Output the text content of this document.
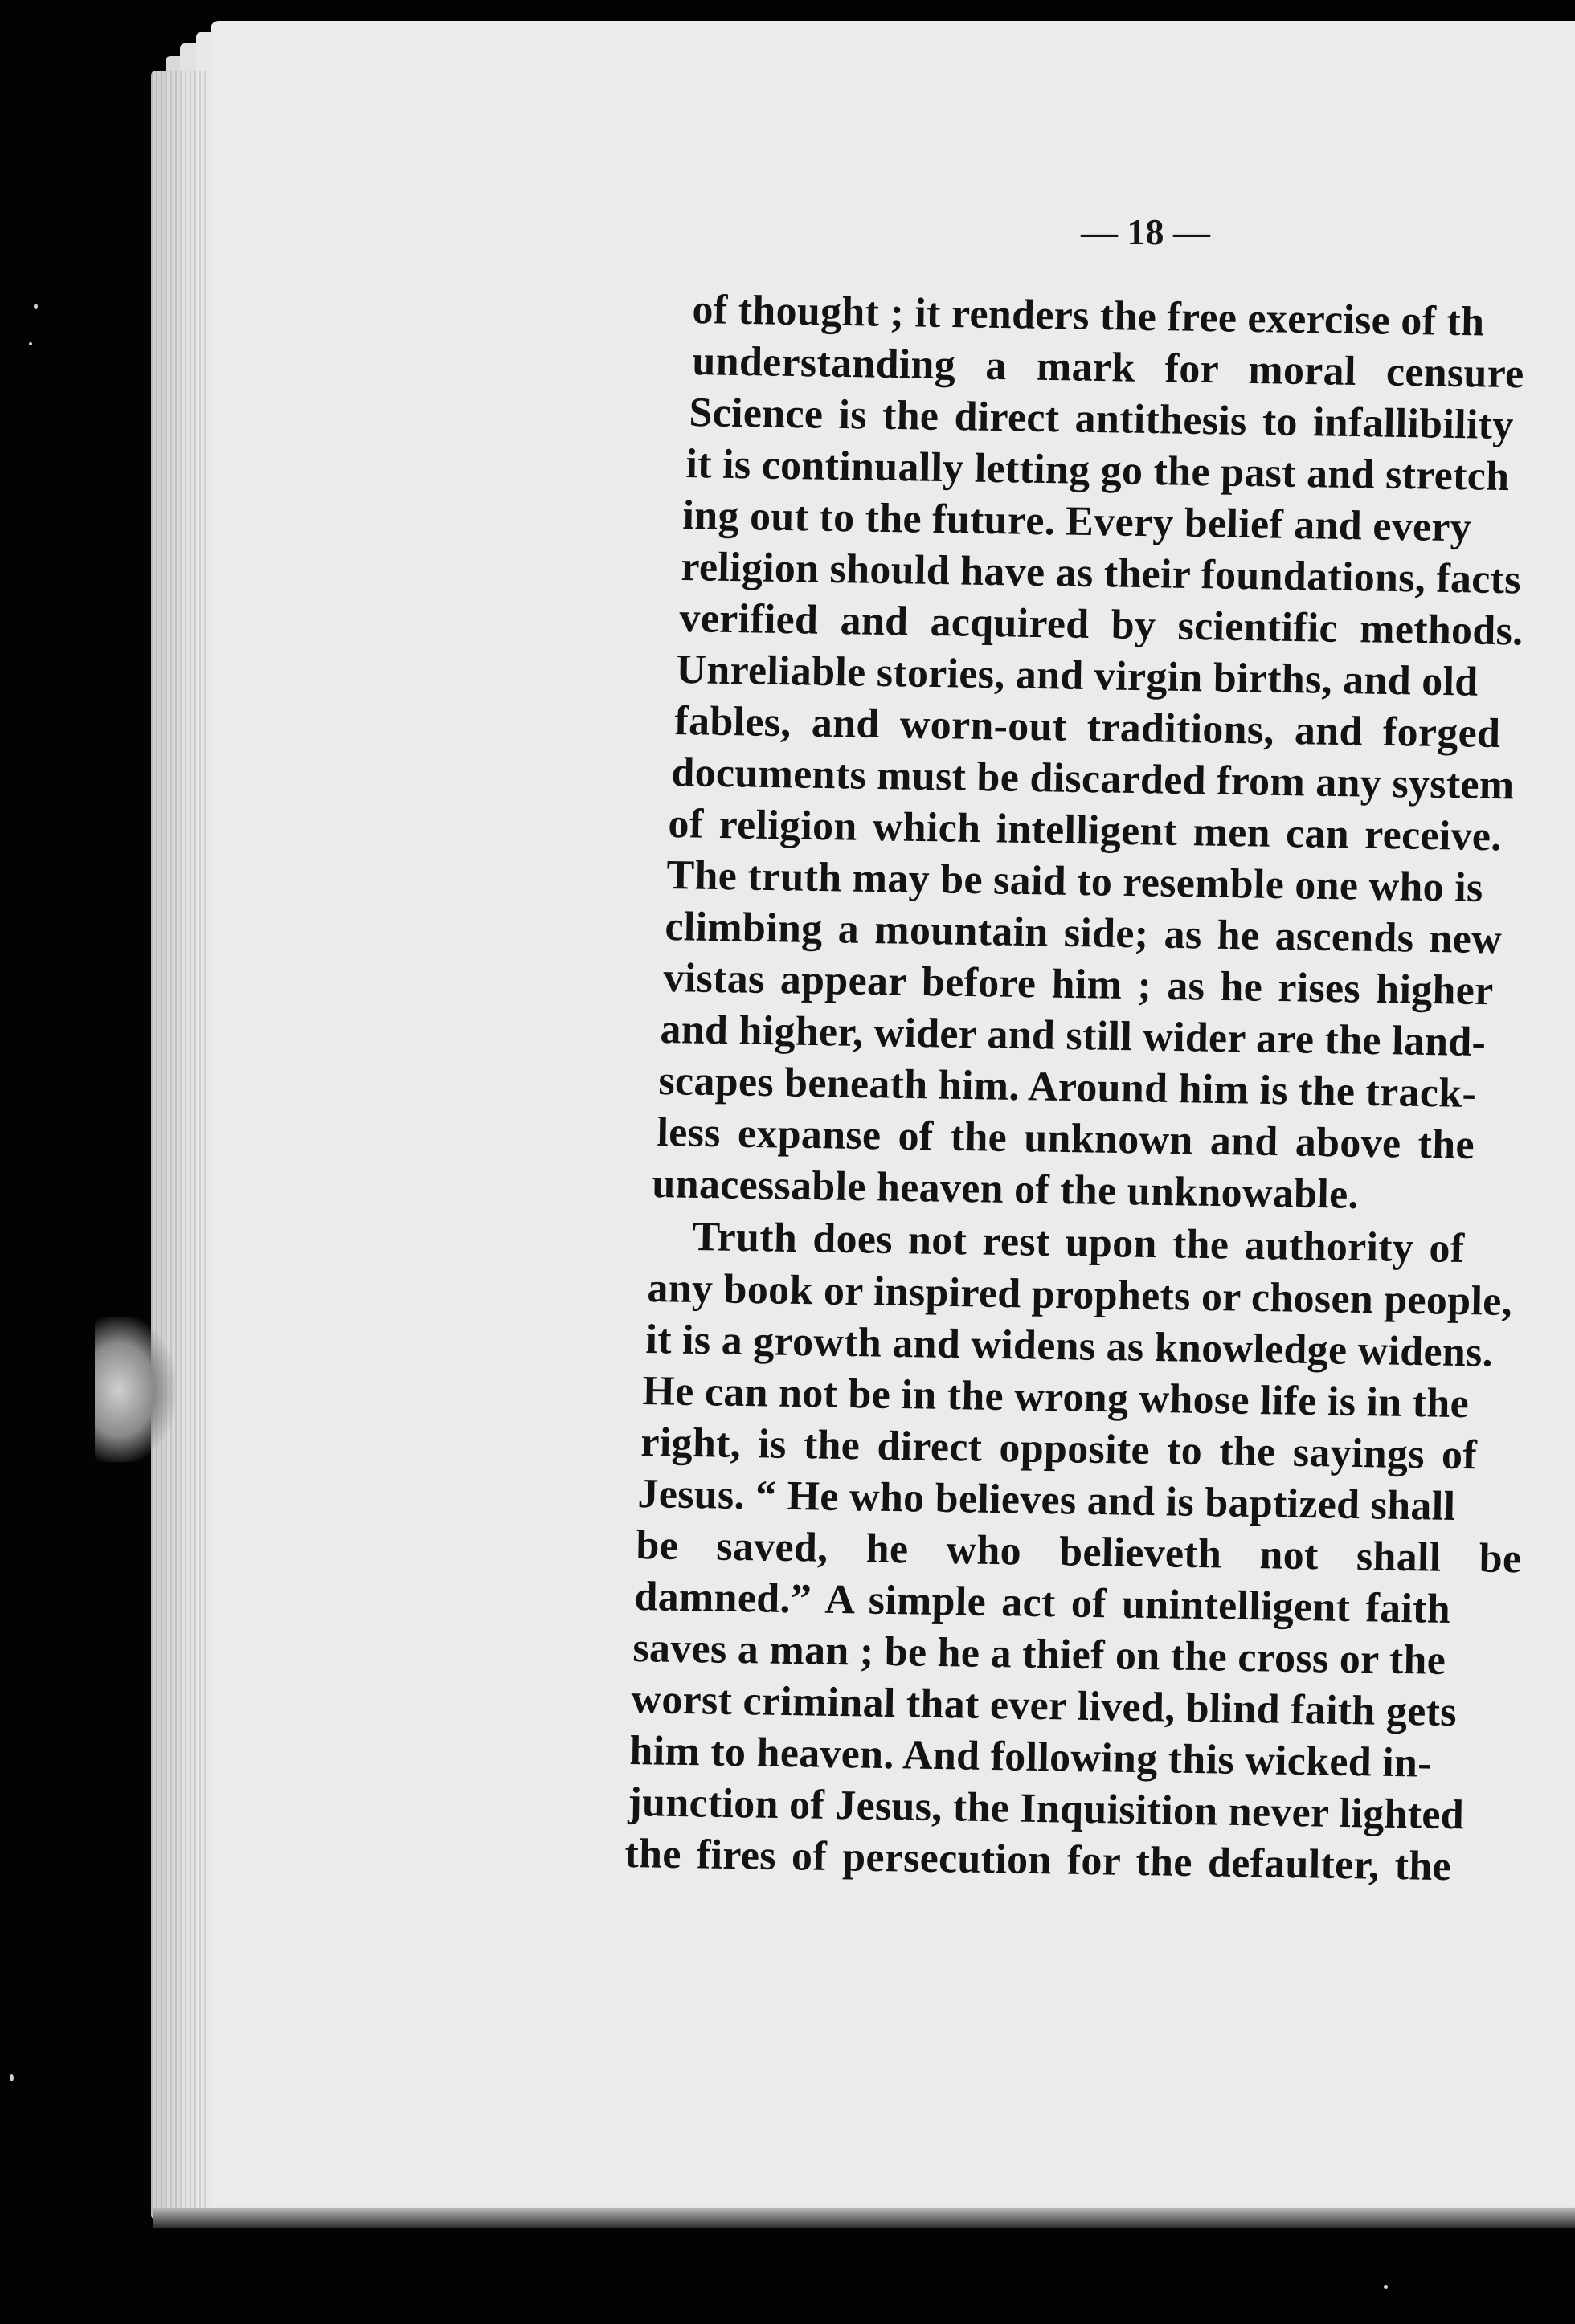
— 18 —
of thought ; it renders the free exercise of th
understanding a mark for moral censure
Science is the direct antithesis to infallibility
it is continually letting go the past and stretch
ing out to the future. Every belief and every
religion should have as their foundations, facts
verified and acquired by scientific methods.
Unreliable stories, and virgin births, and old
fables, and worn-out traditions, and forged
documents must be discarded from any system
of religion which intelligent men can receive.
The truth may be said to resemble one who is
climbing a mountain side; as he ascends new
vistas appear before him ; as he rises higher
and higher, wider and still wider are the land-
scapes beneath him. Around him is the track-
less expanse of the unknown and above the
unacessable heaven of the unknowable.
Truth does not rest upon the authority of
any book or inspired prophets or chosen people,
it is a growth and widens as knowledge widens.
He can not be in the wrong whose life is in the
right, is the direct opposite to the sayings of
Jesus. “ He who believes and is baptized shall
be saved, he who believeth not shall be
damned.” A simple act of unintelligent faith
saves a man ; be he a thief on the cross or the
worst criminal that ever lived, blind faith gets
him to heaven. And following this wicked in-
junction of Jesus, the Inquisition never lighted
the fires of persecution for the defaulter, the
